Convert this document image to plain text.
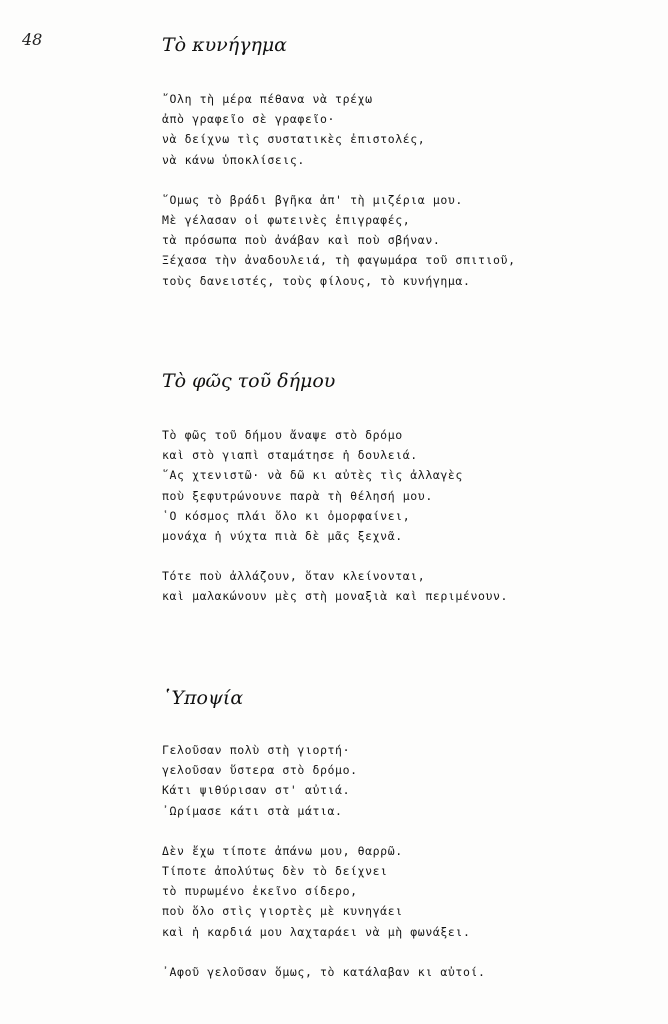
48	Τὸ κυνήγημα
῎Ολη τὴ μέρα πέθανα νὰ τρέχω
ἀπὸ γραφεῖο σὲ γραφεῖο·
νὰ δείχνω τὶς συστατικὲς ἐπιστολές,
νὰ κάνω ὑποκλίσεις.
῞Ομως τὸ βράδι βγῆκα ἀπ' τὴ μιζέρια μου.
Μὲ γέλασαν οἱ φωτεινὲς ἐπιγραφές,
τὰ πρόσωπα ποὺ ἀνάβαν καὶ ποὺ σβήναν.
Ξέχασα τὴν ἀναδουλειά, τὴ φαγωμάρα τοῦ σπιτιοῦ,
τοὺς δανειστές, τοὺς φίλους, τὸ κυνήγημα.
Τὸ φῶς τοῦ δήμου
Τὸ φῶς τοῦ δήμου ἄναψε στὸ δρόμο
καὶ στὸ γιαπὶ σταμάτησε ἡ δουλειά.
῞Ας χτενιστῶ· νὰ δῶ κι αὐτὲς τὶς ἀλλαγὲς
ποὺ ξεφυτρώνουνε παρὰ τὴ θέλησή μου.
῾Ο κόσμος πλάι ὅλο κι ὀμορφαίνει,
μονάχα ἡ νύχτα πιὰ δὲ μᾶς ξεχνᾶ.
Τότε ποὺ ἀλλάζουν, ὅταν κλείνονται,
καὶ μαλακώνουν μὲς στὴ μοναξιὰ καὶ περιμένουν.
῾Υποψία
Γελοῦσαν πολὺ στὴ γιορτή·
γελοῦσαν ὕστερα στὸ δρόμο.
Κάτι ψιθύρισαν στ' αὐτιά.
᾿Ωρίμασε κάτι στὰ μάτια.
Δὲν ἔχω τίποτε ἀπάνω μου, θαρρῶ.
Τίποτε ἀπολύτως δὲν τὸ δείχνει
τὸ πυρωμένο ἐκεῖνο σίδερο,
ποὺ ὅλο στὶς γιορτὲς μὲ κυνηγάει
καὶ ἡ καρδιά μου λαχταράει νὰ μὴ φωνάξει.
᾿Αφοῦ γελοῦσαν ὅμως, τὸ κατάλαβαν κι αὐτοί.
